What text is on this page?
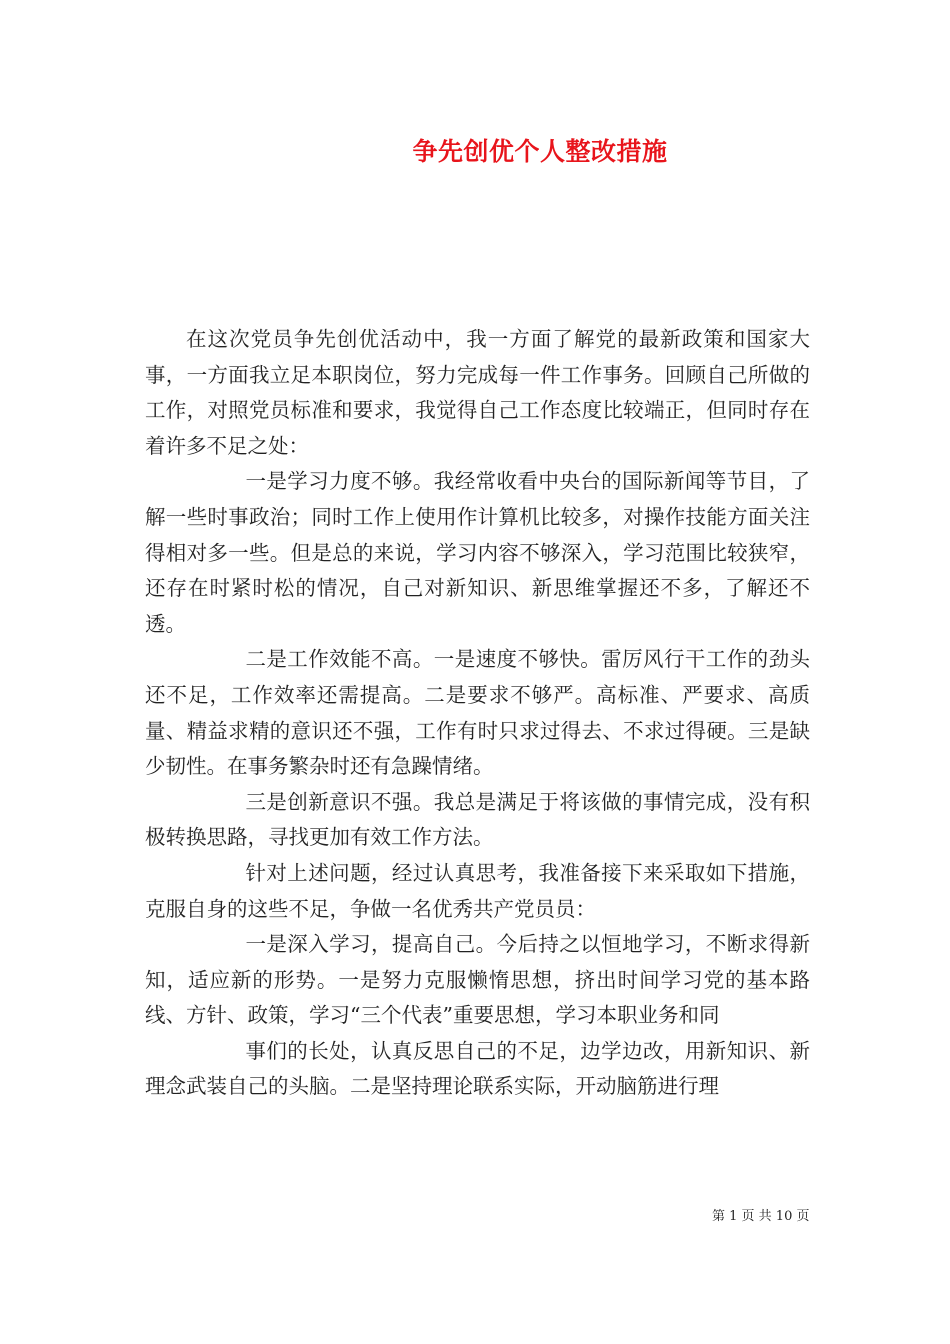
争先创优个人整改措施

在这次党员争先创优活动中，我一方面了解党的最新政策和国家大事，一方面我立足本职岗位，努力完成每一件工作事务。回顾自己所做的工作，对照党员标准和要求，我觉得自己工作态度比较端正，但同时存在着许多不足之处：

一是学习力度不够。我经常收看中央台的国际新闻等节目，了解一些时事政治；同时工作上使用作计算机比较多，对操作技能方面关注得相对多一些。但是总的来说，学习内容不够深入，学习范围比较狭窄，还存在时紧时松的情况，自己对新知识、新思维掌握还不多，了解还不透。

二是工作效能不高。一是速度不够快。雷厉风行干工作的劲头还不足，工作效率还需提高。二是要求不够严。高标准、严要求、高质量、精益求精的意识还不强，工作有时只求过得去、不求过得硬。三是缺少韧性。在事务繁杂时还有急躁情绪。

三是创新意识不强。我总是满足于将该做的事情完成，没有积极转换思路，寻找更加有效工作方法。

针对上述问题，经过认真思考，我准备接下来采取如下措施，克服自身的这些不足，争做一名优秀共产党员员：

一是深入学习，提高自己。今后持之以恒地学习，不断求得新知，适应新的形势。一是努力克服懒惰思想，挤出时间学习党的基本路线、方针、政策，学习“三个代表”重要思想，学习本职业务和同

事们的长处，认真反思自己的不足，边学边改，用新知识、新理念武装自己的头脑。二是坚持理论联系实际，开动脑筋进行理

第 1 页 共 10 页
